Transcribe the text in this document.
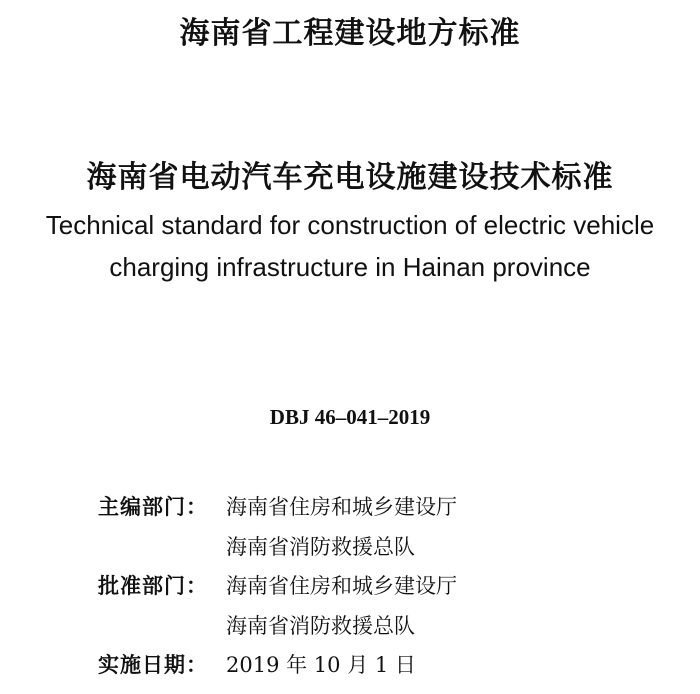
海南省工程建设地方标准
海南省电动汽车充电设施建设技术标准
Technical standard for construction of electric vehicle
charging infrastructure in Hainan province
DBJ 46–041–2019
主编部门： 海南省住房和城乡建设厅
海南省消防救援总队
批准部门： 海南省住房和城乡建设厅
海南省消防救援总队
实施日期： 2019 年 10 月 1 日
